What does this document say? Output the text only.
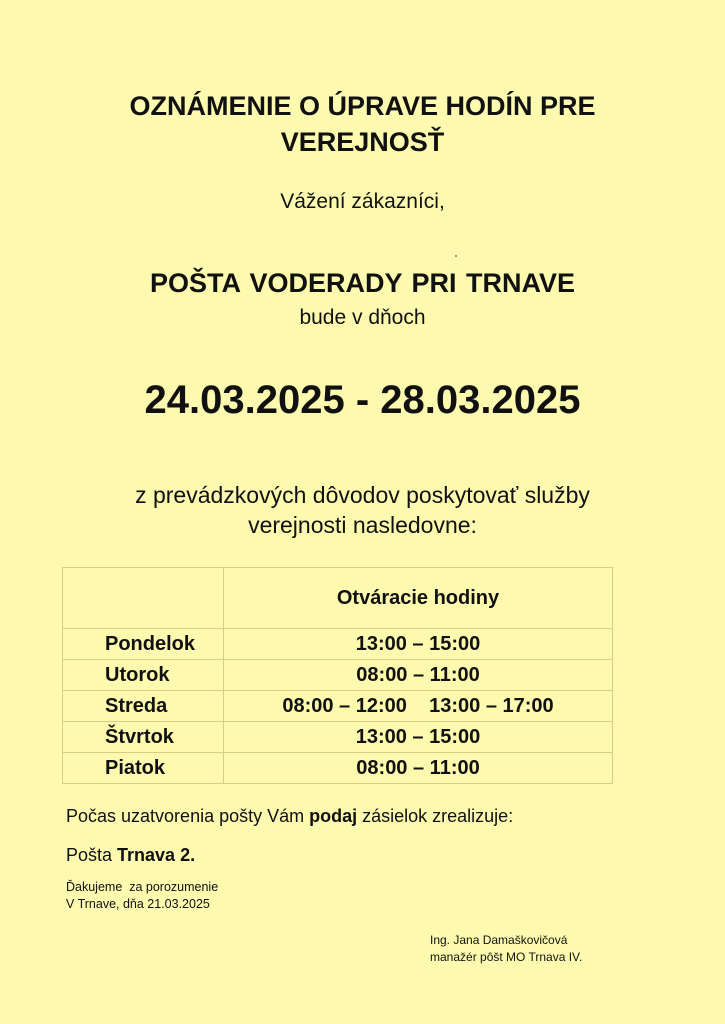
OZNÁMENIE O ÚPRAVE HODÍN PRE
VEREJNOSŤ
Vážení zákazníci,
POŠTA VODERADY PRI TRNAVE
bude v dňoch
24.03.2025 - 28.03.2025
z prevádzkových dôvodov poskytovať služby
verejnosti nasledovne:
	Otváracie hodiny
Pondelok	13:00 – 15:00
Utorok	08:00 – 11:00
Streda	08:00 – 12:00    13:00 – 17:00
Štvrtok	13:00 – 15:00
Piatok	08:00 – 11:00
Počas uzatvorenia pošty Vám podaj zásielok zrealizuje:
Pošta Trnava 2.
Ďakujeme  za porozumenie
V Trnave, dňa 21.03.2025
Ing. Jana Damaškovičová
manažér pôšt MO Trnava IV.
